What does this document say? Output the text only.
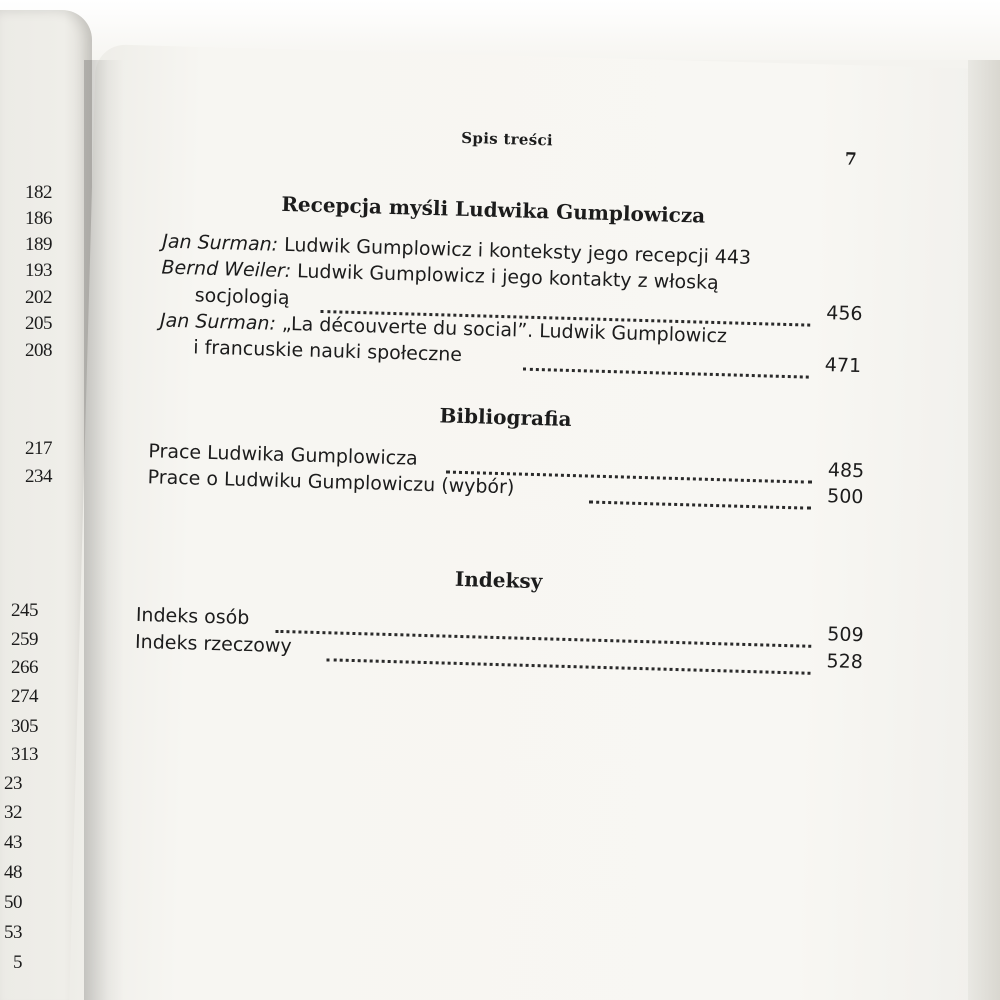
182
186
189
193
202
205
208
217
234
245
259
266
274
305
313
23
32
43
48
50
53
5
Spis treści
7
Recepcja myśli Ludwika Gumplowicza
Jan Surman: Ludwik Gumplowicz i konteksty jego recepcji 443
Bernd Weiler: Ludwik Gumplowicz i jego kontakty z włoską
socjologią
456
Jan Surman: „La découverte du social”. Ludwik Gumplowicz
i francuskie nauki społeczne	471
Bibliografia
Prace Ludwika Gumplowicza
485
Prace o Ludwiku Gumplowiczu (wybór)	500
Indeksy
Indeks osób
509
Indeks rzeczowy
528
